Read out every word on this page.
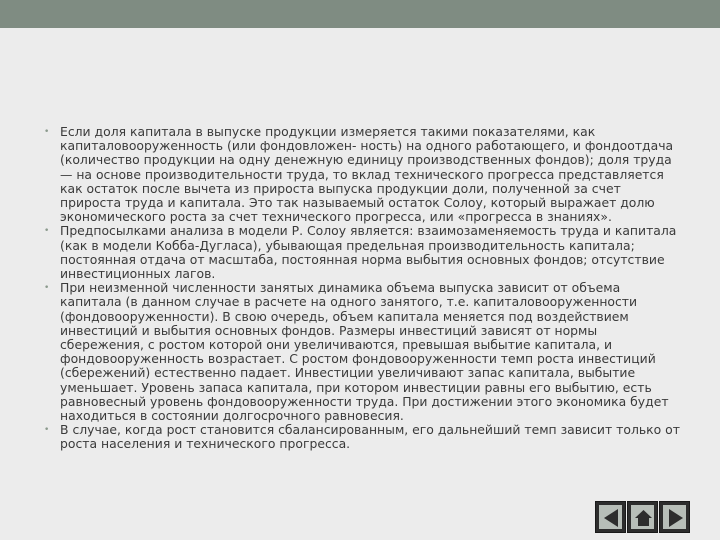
• Если доля капитала в выпуске продукции измеряется такими показателями, как капиталовооруженность (или фондовложен- ность) на одного работающего, и фондоотдача (количество продукции на одну денежную единицу производственных фондов); доля труда — на основе производительности труда, то вклад технического прогресса представляется как остаток после вычета из прироста выпуска продукции доли, полученной за счет прироста труда и капитала. Это так называемый остаток Солоу, который выражает долю экономического роста за счет технического прогресса, или «прогресса в знаниях».
• Предпосылками анализа в модели Р. Солоу является: взаимозаменяемость труда и капитала (как в модели Кобба-Дугласа), убывающая предельная производительность капитала; постоянная отдача от масштаба, постоянная норма выбытия основных фондов; отсутствие инвестиционных лагов.
• При неизменной численности занятых динамика объема выпуска зависит от объема капитала (в данном случае в расчете на одного занятого, т.е. капиталовооруженности (фондовооруженности). В свою очередь, объем капитала меняется под воздействием инвестиций и выбытия основных фондов. Размеры инвестиций зависят от нормы сбережения, с ростом которой они увеличиваются, превышая выбытие капитала, и фондовооруженность возрастает. С ростом фондовооруженности темп роста инвестиций (сбережений) естественно падает. Инвестиции увеличивают запас капитала, выбытие уменьшает. Уровень запаса капитала, при котором инвестиции равны его выбытию, есть равновесный уровень фондовооруженности труда. При достижении этого экономика будет находиться в состоянии долгосрочного равновесия.
• В случае, когда рост становится сбалансированным, его дальнейший темп зависит только от роста населения и технического прогресса.
